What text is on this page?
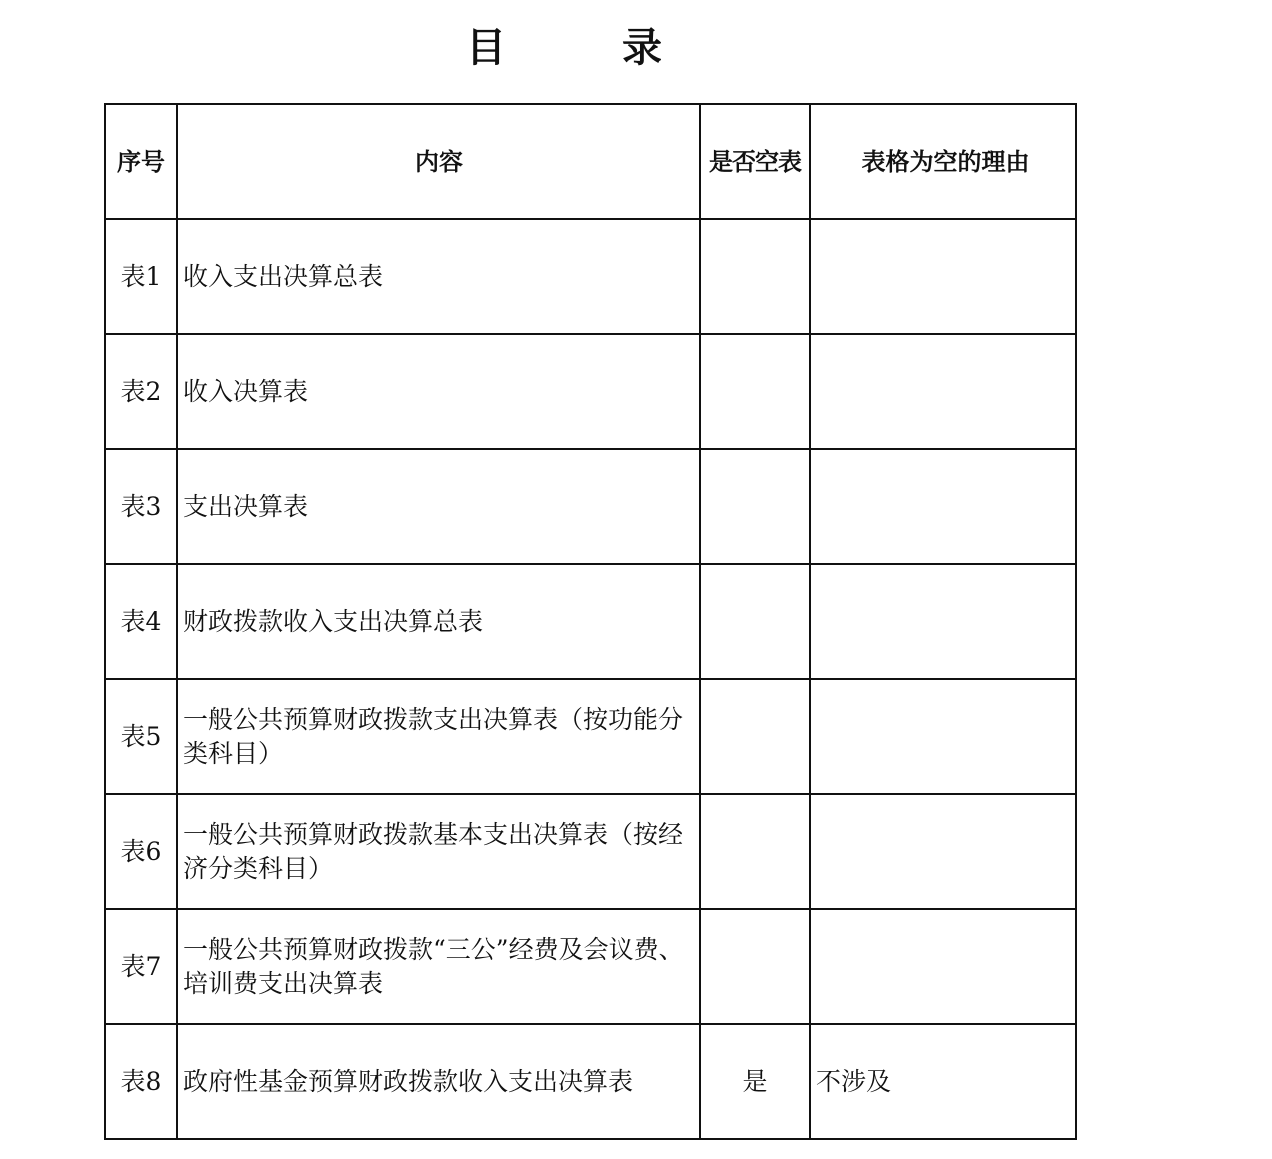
目　录
序号	内容	是否空表	表格为空的理由
表1	收入支出决算总表		
表2	收入决算表		
表3	支出决算表		
表4	财政拨款收入支出决算总表		
表5	一般公共预算财政拨款支出决算表（按功能分类科目）		
表6	一般公共预算财政拨款基本支出决算表（按经济分类科目）		
表7	一般公共预算财政拨款“三公”经费及会议费、培训费支出决算表		
表8	政府性基金预算财政拨款收入支出决算表	是	不涉及
